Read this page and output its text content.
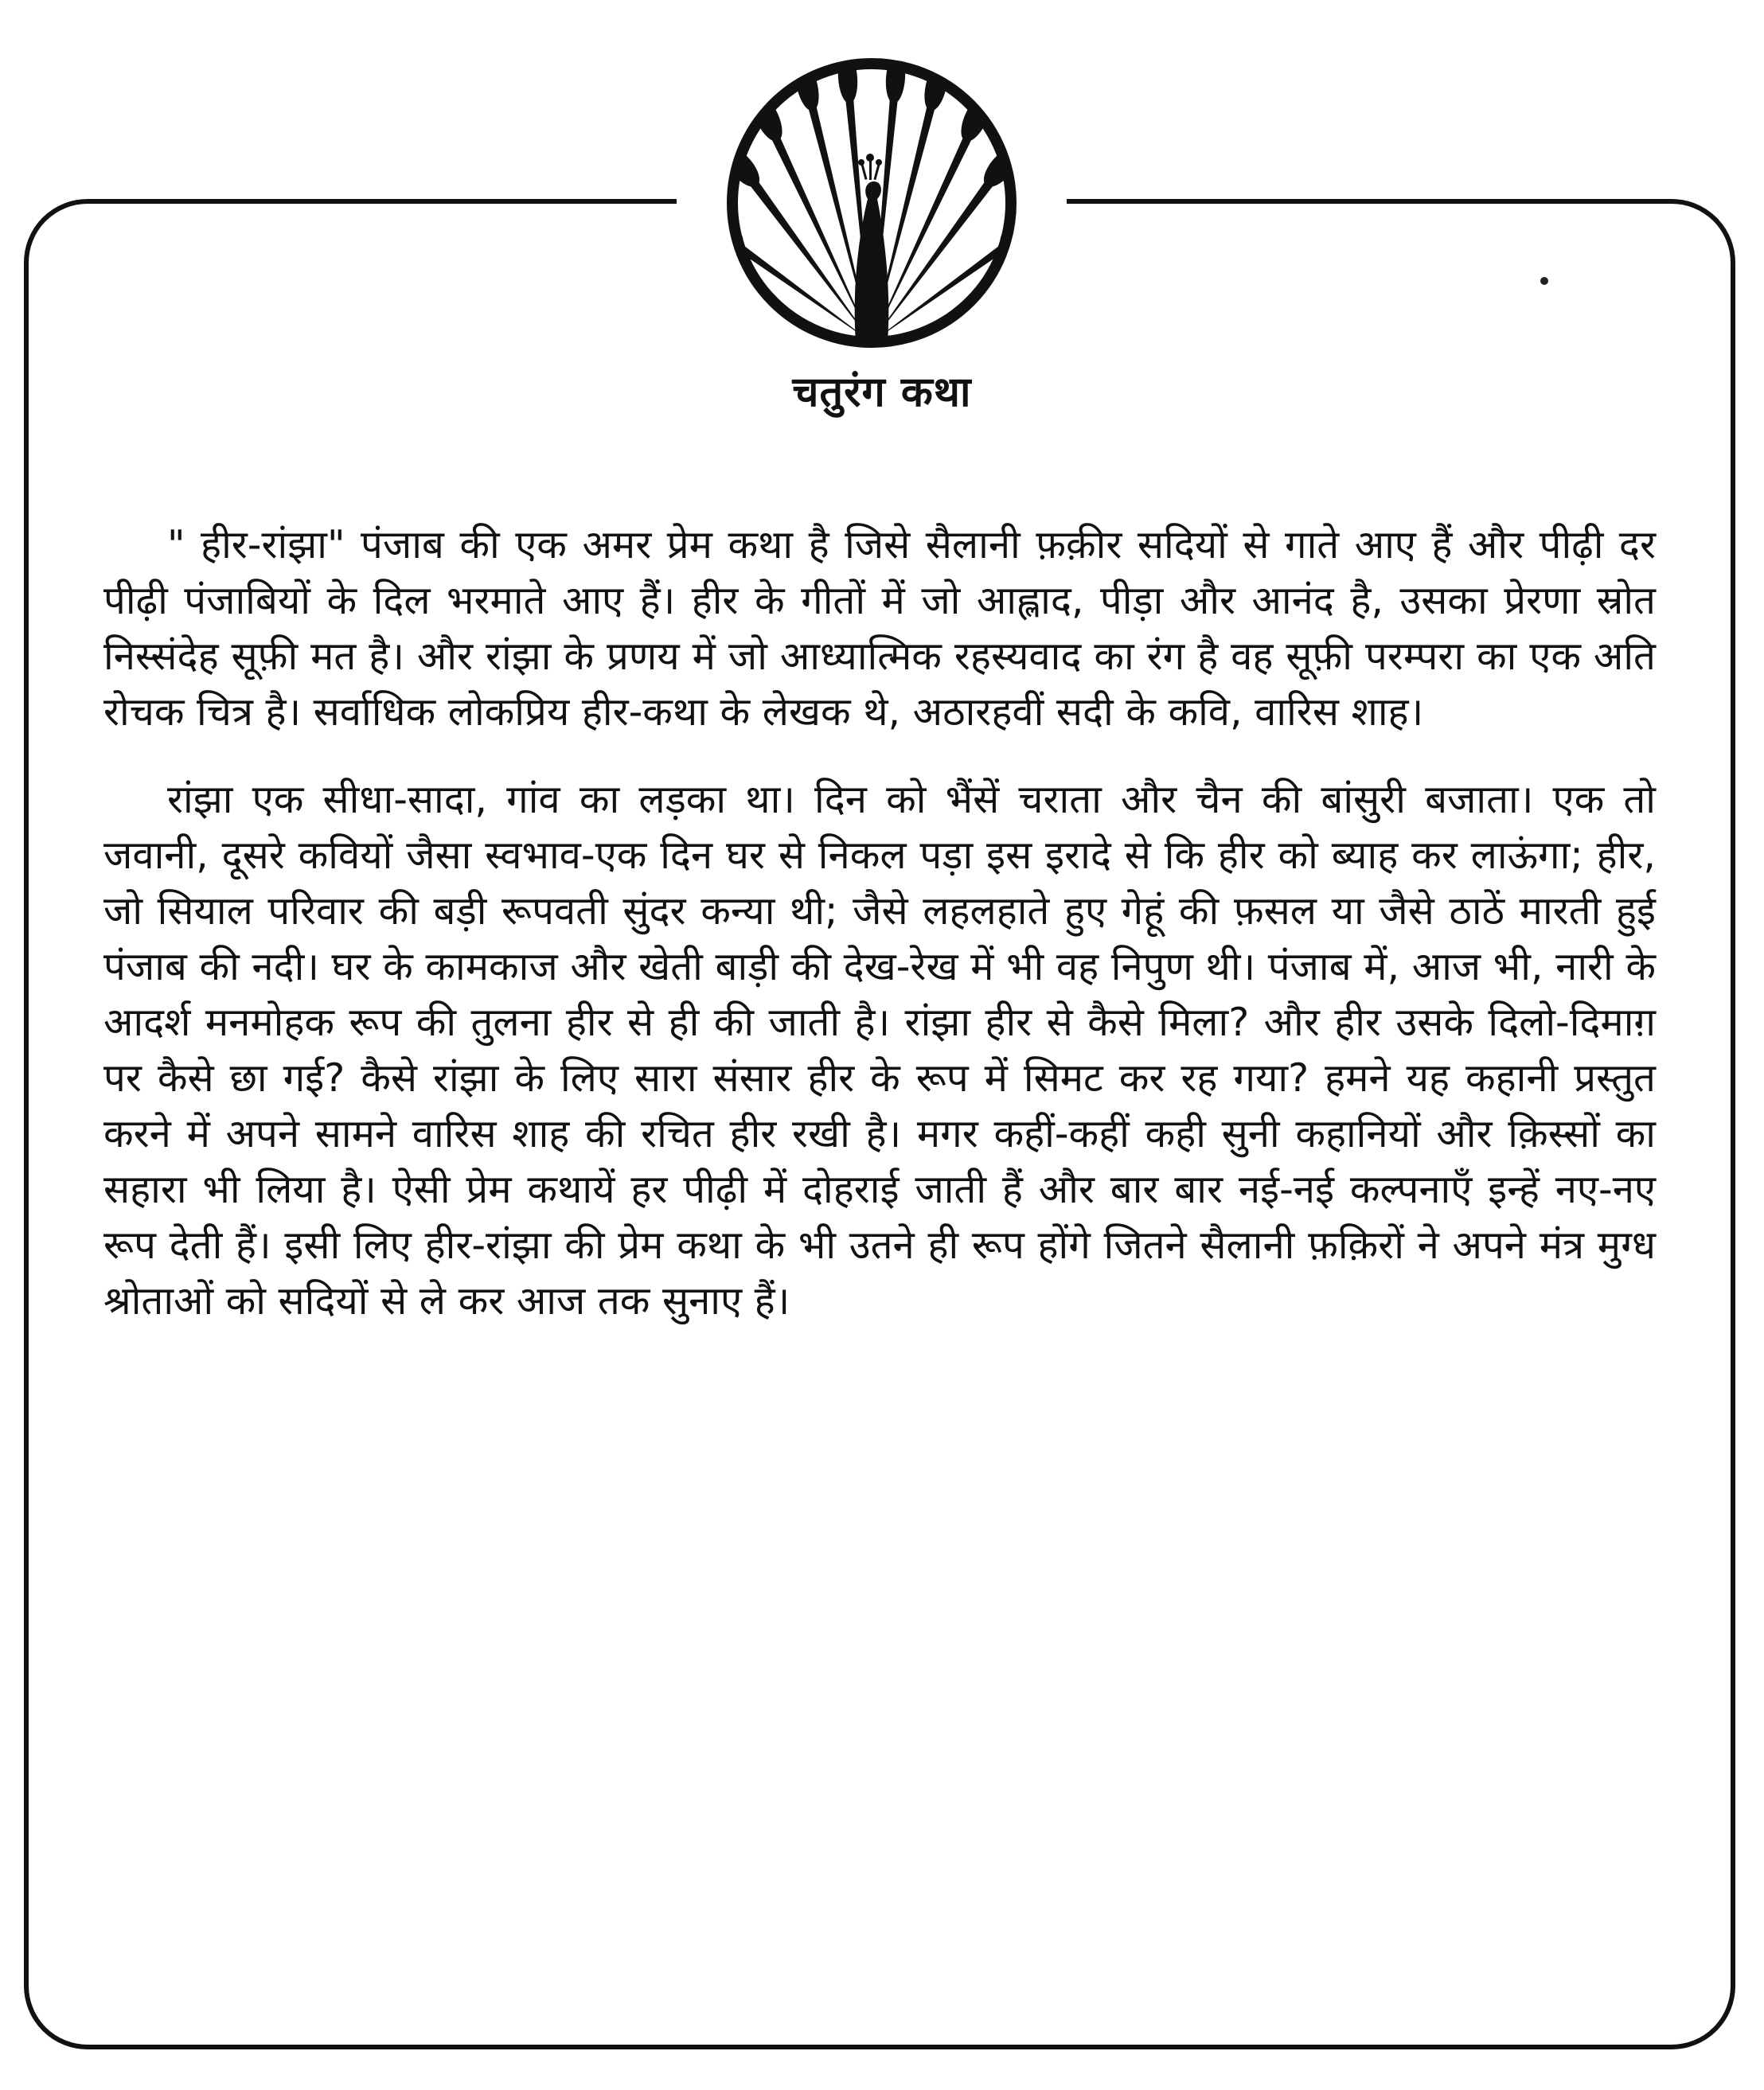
चतुरंग कथा

" हीर-रांझा" पंजाब की एक अमर प्रेम कथा है जिसे सैलानी फ़क़ीर सदियों से गाते आए हैं और पीढ़ी दर पीढ़ी पंजाबियों के दिल भरमाते आए हैं। हीर के गीतों में जो आह्लाद, पीड़ा और आनंद है, उसका प्रेरणा स्रोत निस्संदेह सूफ़ी मत है। और रांझा के प्रणय में जो आध्यात्मिक रहस्यवाद का रंग है वह सूफ़ी परम्परा का एक अति रोचक चित्र है। सर्वाधिक लोकप्रिय हीर-कथा के लेखक थे, अठारहवीं सदी के कवि, वारिस शाह।

रांझा एक सीधा-सादा, गांव का लड़का था। दिन को भैंसें चराता और चैन की बांसुरी बजाता। एक तो जवानी, दूसरे कवियों जैसा स्वभाव-एक दिन घर से निकल पड़ा इस इरादे से कि हीर को ब्याह कर लाऊंगा; हीर, जो सियाल परिवार की बड़ी रूपवती सुंदर कन्या थी; जैसे लहलहाते हुए गेहूं की फ़सल या जैसे ठाठें मारती हुई पंजाब की नदी। घर के कामकाज और खेती बाड़ी की देख-रेख में भी वह निपुण थी। पंजाब में, आज भी, नारी के आदर्श मनमोहक रूप की तुलना हीर से ही की जाती है। रांझा हीर से कैसे मिला? और हीर उसके दिलो-दिमाग़ पर कैसे छा गई? कैसे रांझा के लिए सारा संसार हीर के रूप में सिमट कर रह गया? हमने यह कहानी प्रस्तुत करने में अपने सामने वारिस शाह की रचित हीर रखी है। मगर कहीं-कहीं कही सुनी कहानियों और क़िस्सों का सहारा भी लिया है। ऐसी प्रेम कथायें हर पीढ़ी में दोहराई जाती हैं और बार बार नई-नई कल्पनाएँ इन्हें नए-नए रूप देती हैं। इसी लिए हीर-रांझा की प्रेम कथा के भी उतने ही रूप होंगे जितने सैलानी फ़क़िरों ने अपने मंत्र मुग्ध श्रोताओं को सदियों से ले कर आज तक सुनाए हैं।
